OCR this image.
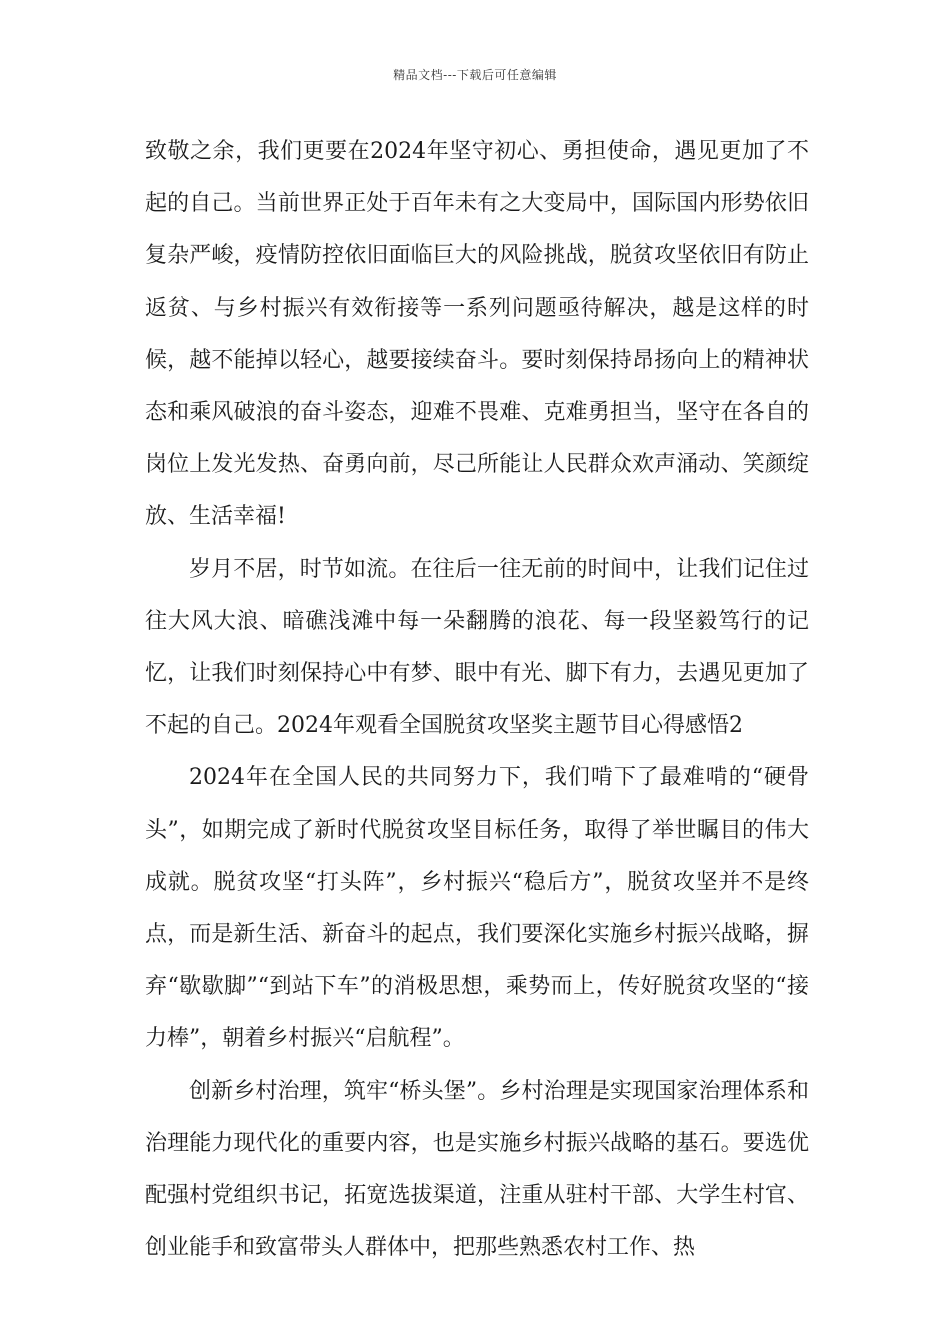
精品文档---下载后可任意编辑

致敬之余，我们更要在2024年坚守初心、勇担使命，遇见更加了不起的自己。当前世界正处于百年未有之大变局中，国际国内形势依旧复杂严峻，疫情防控依旧面临巨大的风险挑战，脱贫攻坚依旧有防止返贫、与乡村振兴有效衔接等一系列问题亟待解决，越是这样的时候，越不能掉以轻心，越要接续奋斗。要时刻保持昂扬向上的精神状态和乘风破浪的奋斗姿态，迎难不畏难、克难勇担当，坚守在各自的岗位上发光发热、奋勇向前，尽己所能让人民群众欢声涌动、笑颜绽放、生活幸福!

岁月不居，时节如流。在往后一往无前的时间中，让我们记住过往大风大浪、暗礁浅滩中每一朵翻腾的浪花、每一段坚毅笃行的记忆，让我们时刻保持心中有梦、眼中有光、脚下有力，去遇见更加了不起的自己。2024年观看全国脱贫攻坚奖主题节目心得感悟2

2024年在全国人民的共同努力下，我们啃下了最难啃的“硬骨头”，如期完成了新时代脱贫攻坚目标任务，取得了举世瞩目的伟大成就。脱贫攻坚“打头阵”，乡村振兴“稳后方”，脱贫攻坚并不是终点，而是新生活、新奋斗的起点，我们要深化实施乡村振兴战略，摒弃“歇歇脚”“到站下车”的消极思想，乘势而上，传好脱贫攻坚的“接力棒”，朝着乡村振兴“启航程”。

创新乡村治理，筑牢“桥头堡”。乡村治理是实现国家治理体系和治理能力现代化的重要内容，也是实施乡村振兴战略的基石。要选优配强村党组织书记，拓宽选拔渠道，注重从驻村干部、大学生村官、创业能手和致富带头人群体中，把那些熟悉农村工作、热
